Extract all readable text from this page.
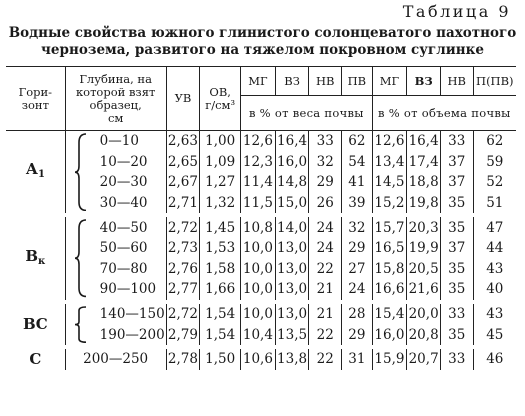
Таблица 9
Водные свойства южного глинистого солонцеватого пахотного
чернозема, развитого на тяжелом покровном суглинке
Гори-
зонт	Глубина, на
которой взят
образец,
см	УВ	ОВ,
г/см³	МГ	ВЗ	НВ	ПВ	МГ	ВЗ	НВ	П(ПВ)
				в % от веса почвы				в % от объема почвы			
$А_1$	0—10	2,63	1,00	12,6	16,4	33	62	12,6	16,4	33	62
	10—20	2,65	1,09	12,3	16,0	32	54	13,4	17,4	37	59
	20—30	2,67	1,27	11,4	14,8	29	41	14,5	18,8	37	52
	30—40	2,71	1,32	11,5	15,0	26	39	15,2	19,8	35	51

$В_к$	40—50	2,72	1,45	10,8	14,0	24	32	15,7	20,3	35	47
	50—60	2,73	1,53	10,0	13,0	24	29	16,5	19,9	37	44
	70—80	2,76	1,58	10,0	13,0	22	27	15,8	20,5	35	43
	90—100	2,77	1,66	10,0	13,0	21	24	16,6	21,6	35	40

ВС	140—150	2,72	1,54	10,0	13,0	21	28	15,4	20,0	33	43
	190—200	2,79	1,54	10,4	13,5	22	29	16,0	20,8	35	45

С	200—250	2,78	1,50	10,6	13,8	22	31	15,9	20,7	33	46
